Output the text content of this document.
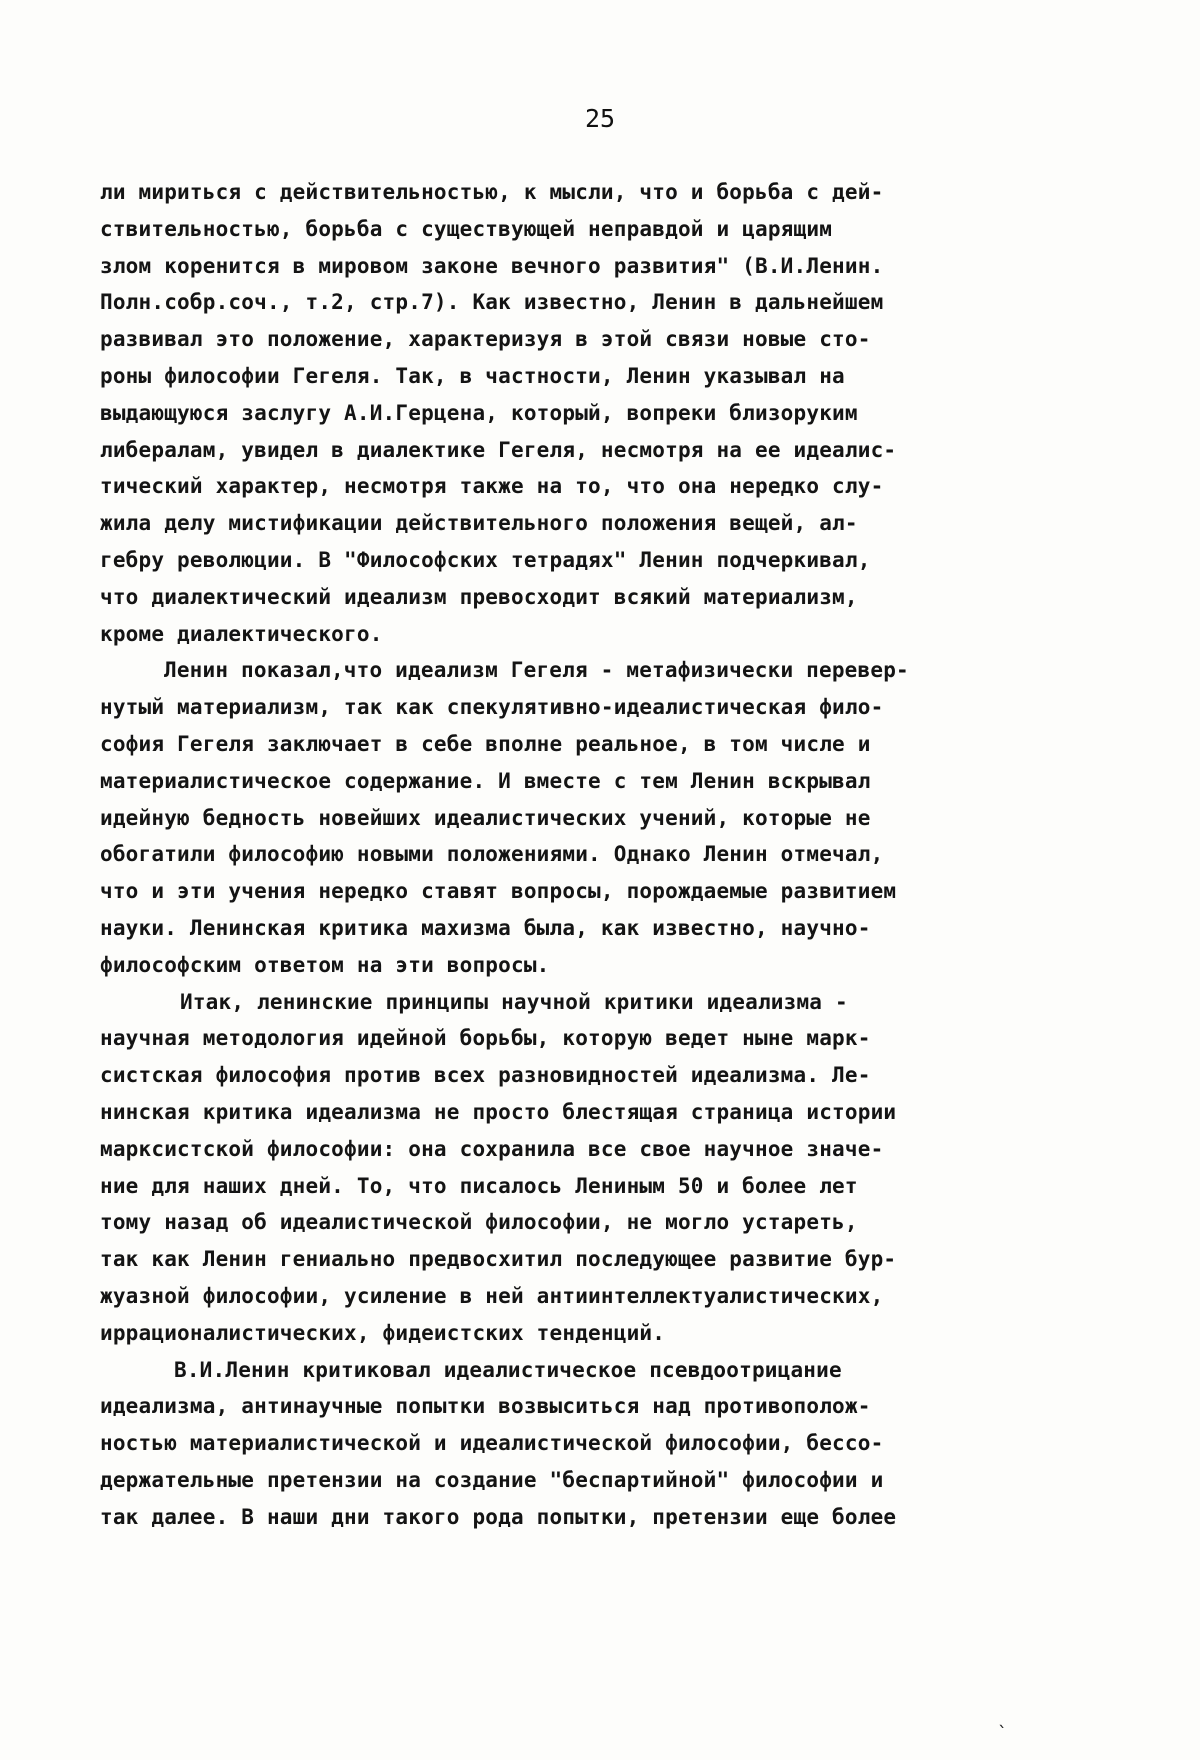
25
ли мириться с действительностью, к мысли, что и борьба с дей-
ствительностью, борьба с существующей неправдой и царящим
злом коренится в мировом законе вечного развития" (В.И.Ленин.
Полн.собр.соч., т.2, стр.7). Как известно, Ленин в дальнейшем
развивал это положение, характеризуя в этой связи новые сто-
роны философии Гегеля. Так, в частности, Ленин указывал на
выдающуюся заслугу А.И.Герцена, который, вопреки близоруким
либералам, увидел в диалектике Гегеля, несмотря на ее идеалис-
тический характер, несмотря также на то, что она нередко слу-
жила делу мистификации действительного положения вещей, ал-
гебру революции. В "Философских тетрадях" Ленин подчеркивал,
что диалектический идеализм превосходит всякий материализм,
кроме диалектического.
Ленин показал,что идеализм Гегеля - метафизически перевер-
нутый материализм, так как спекулятивно-идеалистическая фило-
софия Гегеля заключает в себе вполне реальное, в том числе и
материалистическое содержание. И вместе с тем Ленин вскрывал
идейную бедность новейших идеалистических учений, которые не
обогатили философию новыми положениями. Однако Ленин отмечал,
что и эти учения нередко ставят вопросы, порождаемые развитием
науки. Ленинская критика махизма была, как известно, научно-
философским ответом на эти вопросы.
Итак, ленинские принципы научной критики идеализма -
научная методология идейной борьбы, которую ведет ныне марк-
систская философия против всех разновидностей идеализма. Ле-
нинская критика идеализма не просто блестящая страница истории
марксистской философии: она сохранила все свое научное значе-
ние для наших дней. То, что писалось Лениным 50 и более лет
тому назад об идеалистической философии, не могло устареть,
так как Ленин гениально предвосхитил последующее развитие бур-
жуазной философии, усиление в ней антиинтеллектуалистических,
иррационалистических, фидеистских тенденций.
В.И.Ленин критиковал идеалистическое псевдоотрицание
идеализма, антинаучные попытки возвыситься над противополож-
ностью материалистической и идеалистической философии, бессо-
держательные претензии на создание "беспартийной" философии и
так далее. В наши дни такого рода попытки, претензии еще более
ˎ
